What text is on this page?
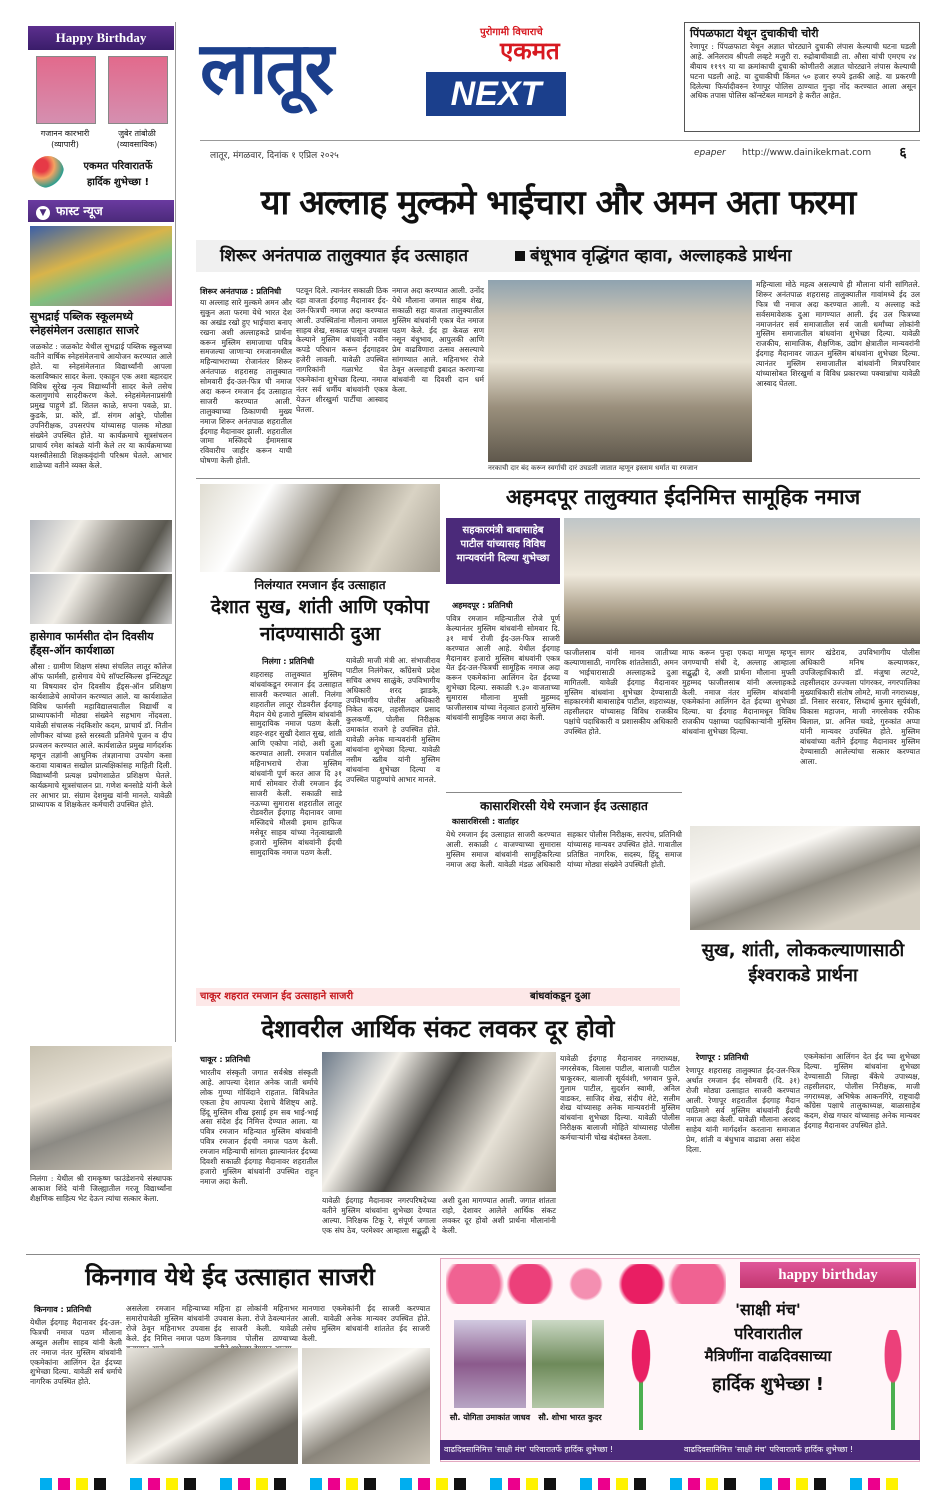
Happy Birthday
गजानन कारभारी
(व्यापारी)
जुबेर तांबोळी
(व्यावसायिक)
एकमत परिवारातर्फे
हार्दिक शुभेच्छा !
▼ फास्ट न्यूज
सुभद्राई पब्लिक स्कूलमध्ये स्नेहसंमेलन उत्साहात साजरे
जळकोट : जळकोट येथील सुभद्राई पब्लिक स्कूलच्या वतीने वार्षिक स्नेहसंमेलनाचे आयोजन करण्यात आले होते. या स्नेहसंमेलनात विद्यार्थ्यांनी आपला कलाविष्कार सादर केला. एकाहून एक अशा बहारदार विविध सुरेख नृत्य विद्यार्थ्यांनी सादर केले तसेच कलागुणांचे सादरीकरण केले. स्नेहसंमेलनाप्रसंगी प्रमुख पाहुणे डॉ. शितल काळे, सपना पवळे, प्रा. कुडके, प्रा. कोरे, डॉ. संगम आंबुरे, पोलीस उपनिरीक्षक, उपसरपंच यांच्यासह पालक मोठ्या संख्येने उपस्थित होते. या कार्यक्रमाचे सूत्रसंचलन प्राचार्य रमेश कांबळे यांनी केले तर या कार्यक्रमाच्या यशस्वीतेसाठी शिक्षकवृंदांनी परिश्रम घेतले. आभार शाळेच्या वतीने व्यक्त केले.
हासेगाव फार्मसीत दोन दिवसीय हँड्स-ऑन कार्यशाळा
औसा : ग्रामीण शिक्षण संस्था संचलित लातूर कॉलेज ऑफ फार्मसी, हासेगाव येथे सॉफ्टस्किल्स इन्स्टिट्यूट या विषयावर दोन दिवसीय हँड्स-ऑन प्रशिक्षण कार्यशाळेचे आयोजन करण्यात आले. या कार्यशाळेत विविध फार्मसी महाविद्यालयातील विद्यार्थी व प्राध्यापकांनी मोठ्या संख्येने सहभाग नोंदवला. यावेळी संचालक नंदकिशोर कदम, प्राचार्य डॉ. नितीन लोणीकर यांच्या हस्ते सरस्वती प्रतिमेचे पूजन व दीप प्रज्वलन करण्यात आले. कार्यशाळेत प्रमुख मार्गदर्शक म्हणून तज्ञांनी आधुनिक तंत्रज्ञानाचा उपयोग कसा करावा याबाबत सखोल प्रात्यक्षिकांसह माहिती दिली. विद्यार्थ्यांनी प्रत्यक्ष प्रयोगशाळेत प्रशिक्षण घेतले. कार्यक्रमाचे सूत्रसंचालन प्रा. गणेश बनसोडे यांनी केले तर आभार प्रा. संग्राम देशमुख यांनी मानले. यावेळी प्राध्यापक व शिक्षकेतर कर्मचारी उपस्थित होते.
निलंगा : येथील श्री रामकृष्ण फाउंडेशनचे संस्थापक आकाश शिंदे यांनी जिल्ह्यातील गरजू विद्यार्थ्यांना शैक्षणिक साहित्य भेट देऊन त्यांचा सत्कार केला.
लातूर	पुरोगामी विचाराचे
एकमत
NEXT
लातूर, मंगळवार, दिनांक १ एप्रिल २०२५	epaper http://www.dainikekmat.com	६
पिंपळफाटा येथून दुचाकीची चोरी
रेणापूर : पिंपळफाटा येथून अज्ञात चोरट्याने दुचाकी लंपास केल्याची घटना घडली आहे. अनिलराव श्रीपती लव्हटे मजुरी रा. रुद्रोबाचीवाडी ता. औसा यांची एमएच २४ बीयाय ११९९ या या क्रमांकाची दुचाकी कोणीतरी अज्ञात चोरट्याने लंपास केल्याची घटना घडली आहे. या दुचाकीची किंमत ५० हजार रुपये इतकी आहे. या प्रकरणी दिलेल्या फिर्यादीवरुन रेणापूर पोलिस ठाण्यात गुन्हा नोंद करण्यात आला असून अधिक तपास पोलिस कॉन्स्टेबल मामडगे हे करीत आहेत.
या अल्लाह मुल्कमे भाईचारा और अमन अता फरमा
शिरूर अनंतपाळ तालुक्यात ईद उत्साहात	बंधूभाव वृद्धिंगत व्हावा, अल्लाहकडे प्रार्थना
शिरूर अनंतपाळ : प्रतिनिधी
या अल्लाह सारे मुल्कमे अमन और सुकून अता फरमा येथे भारत देश का अखंड रखो हुए भाईचारा बनाए रखना अशी अल्लाहकडे प्रार्थना करून मुस्लिम समाजाचा पवित्र समजल्या जाणाऱ्या रमजानमधील महिन्याभराच्या रोजानंतर शिरूर अनंतपाळ शहरासह तालुक्यात सोमवारी ईद-उल-फित्र ची नमाज अदा करून रमजान ईद उत्साहात साजरी करण्यात आली. तालुक्याच्या ठिकाणची मुख्य नमाज शिरूर अनंतपाळ शहरातील ईदगाह मैदानावर झाली. शहरातील जामा मस्जिदचे ईमामसाब रविवारीच जाहीर करून याची घोषणा केली होती.
पटवून दिले. त्यानंतर सकाळी ठिक दहा वाजता ईदगाह मैदानावर ईद-उल-फित्रची नमाज अदा करण्यात आली. उपस्थितांना मौलाना जमाल साहब शेख, सकाळ पासून उपवास केल्याने मुस्लिम बांधवांनी नवीन कपडे परिधान करून ईदगाहवर हजेरी लावली. यावेळी उपस्थित नागरिकांनी गळाभेट घेत एकमेकांना शुभेच्छा दिल्या. नमाज नंतर सर्व धर्मीय बांधवांनी एकत्र येऊन शीरखुर्मा पार्टीचा आस्वाद घेतला.
नमाज अदा करण्यात आली. उनोंद येथे मौलाना जमाल साहब शेख, सकाळी सहा वाजता तालुक्यातील मुस्लिम बांधवांनी एकत्र येत नमाज पठण केले. ईद हा केवळ सण नसून बंधुभाव, आपुलकी आणि प्रेम वाढविणारा उत्सव असल्याचे सांगण्यात आले. महिनाभर रोजे ठेवून अल्लाहची इबादत करणाऱ्या बांधवांनी या दिवशी दान धर्म केला.
नरकाची दार बंद करून स्वर्गाची दारं उघडली जातात म्हणून इस्लाम धर्मात या रमजान
महिन्याला मोठे महत्व असल्याचे ही मौलाना यांनी सांगितले. शिरूर अनंतपाळ शहरासह तालुक्यातील गावांमध्ये ईद उल फित्र ची नमाज अदा करण्यात आली. य अल्लाह कडे सर्वसमावेशक दुआ मागण्यात आली. ईद उल फित्रच्या नमाजनंतर सर्व समाजातील सर्व जाती धर्मांच्या लोकांनी मुस्लिम समाजातील बांधवांना शुभेच्छा दिल्या. यावेळी राजकीय, सामाजिक, शैक्षणिक, उद्योग क्षेत्रातील मान्यवरांनी ईदगाह मैदानावर जाऊन मुस्लिम बांधवांना शुभेच्छा दिल्या. त्यानंतर मुस्लिम समाजातील बांधवांनी मित्रपरिवार यांच्यासोबत शिरखुर्मा व विविध प्रकारच्या पक्वान्नांचा यावेळी आस्वाद घेतला.
निलंग्यात रमजान ईद उत्साहात
देशात सुख, शांती आणि एकोपा नांदण्यासाठी दुआ
निलंगा : प्रतिनिधी
शहरासह तालुक्यात मुस्लिम बांधवांकडून रमजान ईद उत्साहात साजरी करण्यात आली. निलंगा शहरातील लातूर रोडवरील ईदगाह मैदान येथे हजारो मुस्लिम बांधवांनी सामुदायिक नमाज पठण केली. शहर-शहर सुखी देशात सुख, शांती आणि एकोपा नांदो, अशी दुआ करण्यात आली. रमजान पर्वातील महिनाभराचे रोजा मुस्लिम बांधवांनी पूर्ण करत आज दि ३१ मार्च सोमवार रोजी रमजान ईद साजरी केली. सकाळी साडे नऊच्या सुमारास शहरातील लातूर रोडवरील ईदगाह मैदानावर जामा मस्जिदचे मौलवी इमाम हाफिज मसेवूर साहब यांच्या नेतृत्वाखाली हजारो मुस्लिम बांधवांनी ईदची सामुदायिक नमाज पठण केली.
यावेळी माजी मंत्री आ. संभाजीराव पाटील निलंगेकर, काँग्रेसचे प्रदेश सचिव अभय साळुंके, उपविभागीय अधिकारी शरद झाडके, उपविभागीय पोलीस अधिकारी निकेत कदम, तहसीलदार प्रसाद कुलकर्णी, पोलीस निरीक्षक उमाकांत राजगे हे उपस्थित होते. यावेळी अनेक मान्यवरांनी मुस्लिम बांधवांना शुभेच्छा दिल्या. यावेळी नसीम ख्तीब यांनी मुस्लिम बांधवांना शुभेच्छा दिल्या व उपस्थित पाहुण्यांचे आभार मानले.
अहमदपूर तालुक्यात ईदनिमित्त सामूहिक नमाज
सहकारमंत्री बाबासाहेब पाटील यांच्यासह विविध मान्यवरांनी दिल्या शुभेच्छा
अहमदपूर : प्रतिनिधी
पवित्र रमजान महिन्यातील रोजे पूर्ण केल्यानंतर मुस्लिम बांधवांनी सोमवार दि. ३१ मार्च रोजी ईद-उल-फित्र साजरी करण्यात आली आहे. येथील ईदगाह मैदानावर हजारो मुस्लिम बांधवांनी एकत्र येत ईद-उल-फित्रची सामूहिक नमाज अदा करून एकमेकांना आलिंगन देत ईदच्या शुभेच्छा दिल्या. सकाळी ९.३० वाजताच्या सुमारास मौलाना मुफ्ती मुहम्मद फाजीलसाब यांच्या नेतृत्वात हजारो मुस्लिम बांधवांनी सामूहिक नमाज अदा केली.
फाजीलसाब यांनी मानव जातीच्या कल्याणासाठी, नागरिक शांततेसाठी, अमन व भाईचारासाठी अल्लाहकडे दुआ मागितली. यावेळी ईदगाह मैदानावर मुस्लिम बांधवांना शुभेच्छा देण्यासाठी सहकारमंत्री बाबासाहेब पाटील, शहराध्यक्ष, तहसीलदार यांच्यासह विविध राजकीय पक्षांचे पदाधिकारी व प्रशासकीय अधिकारी उपस्थित होते.
माफ करून पुन्हा एकदा माणूस म्हणून जगण्याची संधी दे, अल्लाह आम्हाला सद्बुद्धी दे, अशी प्रार्थना मौलाना मुफ्ती मुहम्मद फाजीलसाब यांनी अल्लाहकडे केली. नमाज नंतर मुस्लिम बांधवांनी एकमेकांना आलिंगन देत ईदच्या शुभेच्छा दिल्या. या ईदगाह मैदानामधून विविध राजकीय पक्षाच्या पदाधिकाऱ्यांनी मुस्लिम बांधवांना शुभेच्छा दिल्या.
सागर खंडेराव, उपविभागीय पोलीस अधिकारी मनिष कल्याणकर, उपजिल्हाधिकारी डॉ. मंजुषा लटपटे, तहसीलदार उज्ज्वला पांगरकर, नगरपालिका मुख्याधिकारी संतोष लोमटे, माजी नगराध्यक्ष, डॉ. निसार सरवार, सिध्दार्थ कुमार सूर्यवंशी, विकास महाजन, माजी नगरसेवक रफीक बिलाल, प्रा. अनिल चवडे, गुरुकांत अप्पा यांनी मान्यवर उपस्थित होते. मुस्लिम बांधवांच्या वतीने ईदगाह मैदानावर मुस्लिम देण्यासाठी आलेल्यांचा सत्कार करण्यात आला.
कासारशिरसी येथे रमजान ईद उत्साहात
कासारशिरसी : वार्ताहर
येथे रमजान ईद उत्साहात साजरी करण्यात आली. सकाळी ८ वाजण्याच्या सुमारास मुस्लिम समाज बांधवांनी सामूहिकरित्या नमाज अदा केली. यावेळी मंडळ अधिकारी सहकार पोलीस निरीक्षक, सरपंच, प्रतिनिधी यांच्यासह मान्यवर उपस्थित होते. गावातील प्रतिष्ठित नागरिक, सदस्य, हिंदू समाज यांच्या मोठ्या संख्येने उपस्थिती होती.
चाकूर शहरात रमजान ईद उत्साहाने साजरी	बांधवांकडून दुआ
देशावरील आर्थिक संकट लवकर दूर होवो
चाकूर : प्रतिनिधी
भारतीय संस्कृती जगात सर्वश्रेष्ठ संस्कृती आहे. आपल्या देशात अनेक जाती धर्माचे लोक गुण्या गोविंदाने राहतात. विविधतेत एकता हेच आपल्या देशाचे वैशिष्ट्य आहे. हिंदू मुस्लिम शीख इसाई हम सब भाई-भाई असा संदेश ईद निमित्त देण्यात आला. या पवित्र रमजान महिन्यात मुस्लिम बांधवांनी पवित्र रमजान ईदची नमाज पठण केली. रमजान महिन्याची सांगता झाल्यानंतर ईदच्या दिवशी सकाळी ईदगाह मैदानावर शहरातील हजारो मुस्लिम बांधवांनी उपस्थित राहून नमाज अदा केली.
यावेळी ईदगाह मैदानावर नगरपरिषदेच्या वतीने मुस्लिम बांधवांना शुभेच्छा देण्यात आल्या. निरिक्षक टिकू रे, संपूर्ण जगाला एक संघ ठेव, परमेश्वर आम्हाला सद्बुद्धी दे अशी दुआ मागण्यात आली. जगात शांतता राहो, देशावर आलेले आर्थिक संकट लवकर दूर होवो अशी प्रार्थना मौलानांनी केली.
यावेळी ईदगाह मैदानावर नगराध्यक्ष, नगरसेवक, विलास पाटील, बालाजी पाटील चाकूरकर, बालाजी सूर्यवंशी, भगवान फुले, गुलाम पाटील, सुदर्शन स्वामी, अनिल वाडकर, साजिद शेख, संदीप शेटे, सलीम शेख यांच्यासह अनेक मान्यवरांनी मुस्लिम बांधवांना शुभेच्छा दिल्या. यावेळी पोलीस निरीक्षक बालाजी मोहिते यांच्यासह पोलीस कर्मचाऱ्यांनी चोख बंदोबस्त ठेवला.
सुख, शांती, लोककल्याणासाठी ईश्वराकडे प्रार्थना
रेणापूर : प्रतिनिधी
रेणापूर शहरासह तालुक्यात ईद-उल-फित्र अर्थात रमजान ईद सोमवारी (दि. ३१) रोजी मोठ्या उत्साहात साजरी करण्यात आली. रेणापूर शहरातील ईदगाह मैदान पाठिमागे सर्व मुस्लिम बांधवांनी ईदची नमाज अदा केली. यावेळी मौलाना अरशद साहेब यांनी मार्गदर्शन करताना समाजात प्रेम, शांती व बंधुभाव वाढावा असा संदेश दिला.
एकमेकांना आलिंगन देत ईद च्या शुभेच्छा दिल्या. मुस्लिम बांधवांना शुभेच्छा देण्यासाठी जिल्हा बँकेचे उपाध्यक्ष, तहसीलदार, पोलीस निरीक्षक, माजी नगराध्यक्ष, अभिषेक आकनगिरे, राष्ट्रवादी काँग्रेस पक्षाचे तालुकाध्यक्ष, बाळासाहेब कदम, शेख गफार यांच्यासह अनेक मान्यवर ईदगाह मैदानावर उपस्थित होते.
किनगाव येथे ईद उत्साहात साजरी
किनगाव : प्रतिनिधी
येथील ईदगाह मैदानावर ईद-उल-फित्रची नमाज पठण मौलाना अब्दुल अलीम साहब यांनी केली तर नमाज नंतर मुस्लिम बांधवांनी एकमेकांना आलिंगन देत ईदच्या शुभेच्छा दिल्या. यावेळी सर्व धर्माचे नागरिक उपस्थित होते.
असलेला रमजान महिन्याच्या समारोपावेळी मुस्लिम बांधवांनी रोजे ठेवून महिनाभर उपवास केले. ईद निमित्त नमाज पठण
महिना हा लोकांनी महिनाभर उपवास केला. रोजे ठेवल्यानंतर ईद साजरी केली. यावेळी किनगाव पोलीस ठाण्याच्या
मानणारा एकमेकांनी ईद साजरी करण्यात आली. यावेळी अनेक मान्यवर उपस्थित होते. तसेच मुस्लिम बांधवांनी शांततेत ईद साजरी केली.
happy birthday
सौ. योगिता उमाकांत जाधव	सौ. शोभा भारत कुदर
'साक्षी मंच'
परिवारातील
मैत्रिणींना वाढदिवसाच्या
हार्दिक शुभेच्छा !
वाढदिवसानिमित्त 'साक्षी मंच' परिवारातर्फे हार्दिक शुभेच्छा !	वाढदिवसानिमित्त 'साक्षी मंच' परिवारातर्फे हार्दिक शुभेच्छा !
